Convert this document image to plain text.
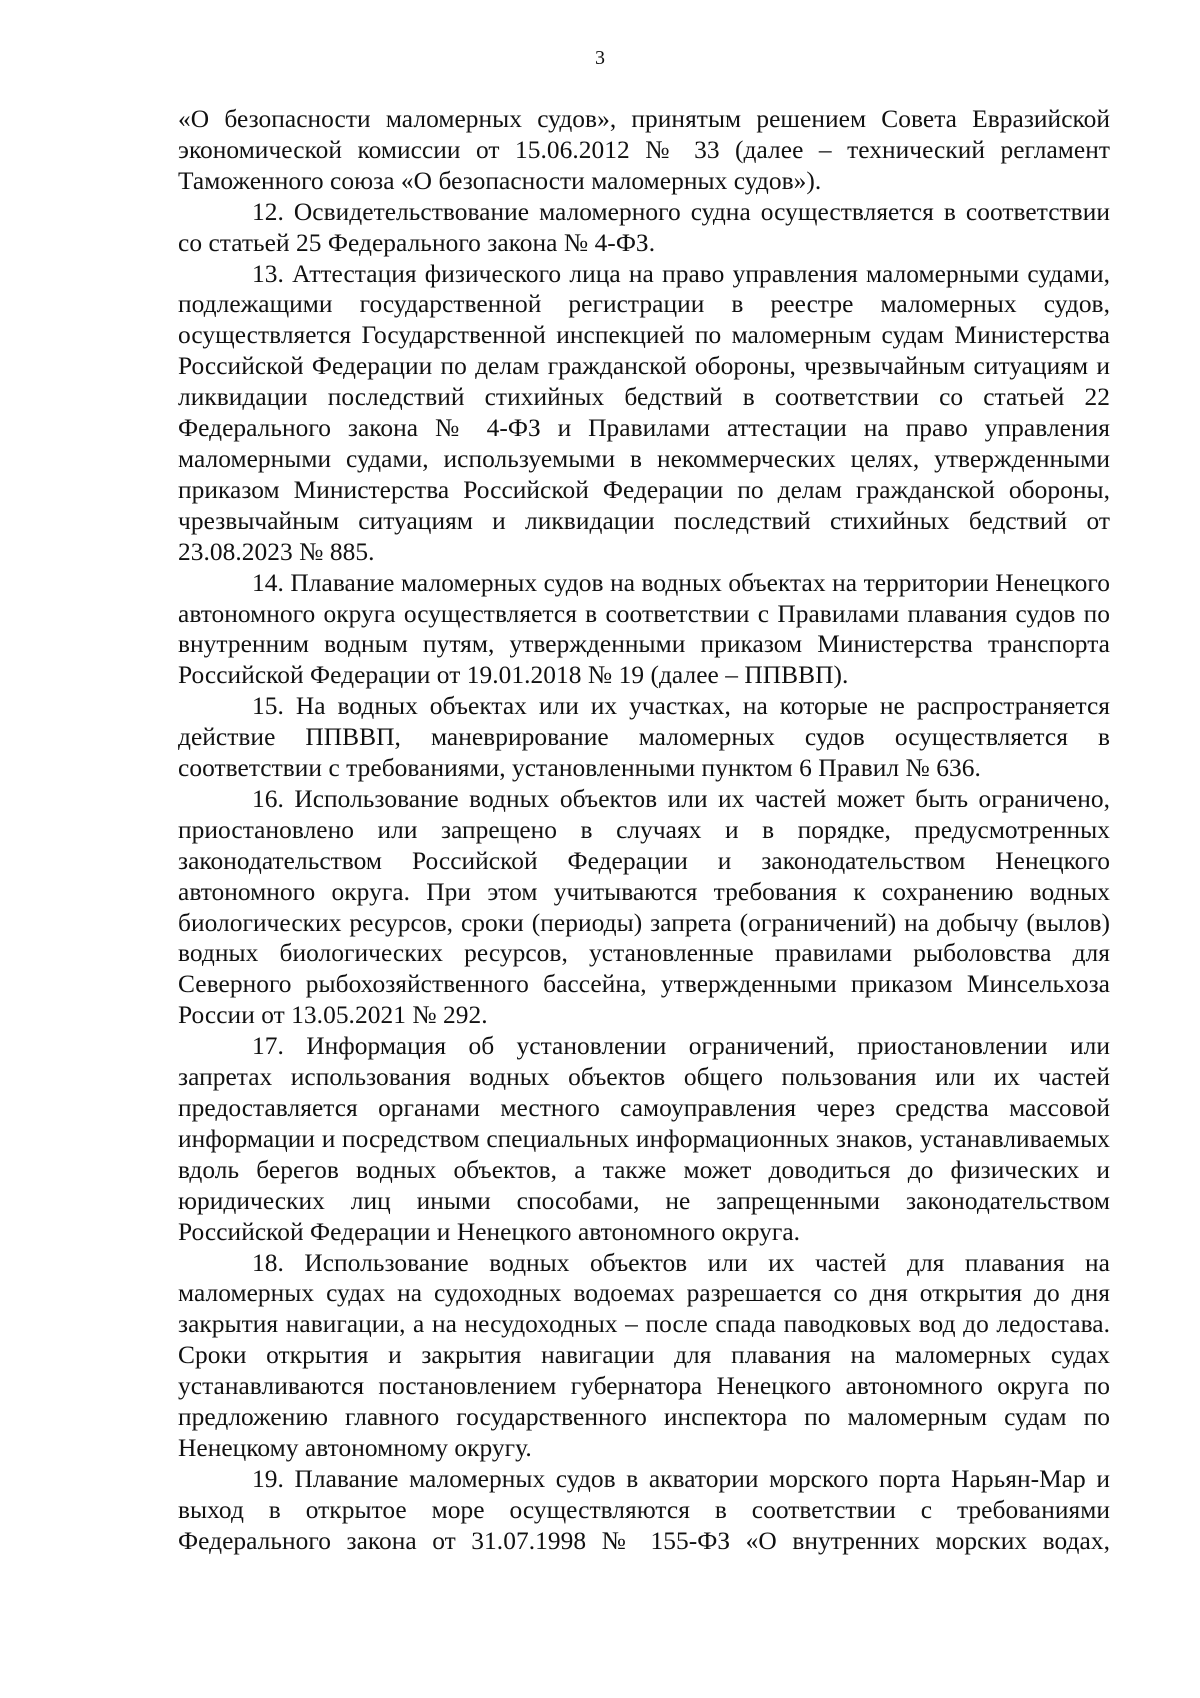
3

«О безопасности маломерных судов», принятым решением Совета Евразийской экономической комиссии от 15.06.2012 № 33 (далее – технический регламент Таможенного союза «О безопасности маломерных судов»).

12. Освидетельствование маломерного судна осуществляется в соответствии со статьей 25 Федерального закона № 4-ФЗ.

13. Аттестация физического лица на право управления маломерными судами, подлежащими государственной регистрации в реестре маломерных судов, осуществляется Государственной инспекцией по маломерным судам Министерства Российской Федерации по делам гражданской обороны, чрезвычайным ситуациям и ликвидации последствий стихийных бедствий в соответствии со статьей 22 Федерального закона № 4-ФЗ и Правилами аттестации на право управления маломерными судами, используемыми в некоммерческих целях, утвержденными приказом Министерства Российской Федерации по делам гражданской обороны, чрезвычайным ситуациям и ликвидации последствий стихийных бедствий от 23.08.2023 № 885.

14. Плавание маломерных судов на водных объектах на территории Ненецкого автономного округа осуществляется в соответствии с Правилами плавания судов по внутренним водным путям, утвержденными приказом Министерства транспорта Российской Федерации от 19.01.2018 № 19 (далее – ППВВП).

15. На водных объектах или их участках, на которые не распространяется действие ППВВП, маневрирование маломерных судов осуществляется в соответствии с требованиями, установленными пунктом 6 Правил № 636.

16. Использование водных объектов или их частей может быть ограничено, приостановлено или запрещено в случаях и в порядке, предусмотренных законодательством Российской Федерации и законодательством Ненецкого автономного округа. При этом учитываются требования к сохранению водных биологических ресурсов, сроки (периоды) запрета (ограничений) на добычу (вылов) водных биологических ресурсов, установленные правилами рыболовства для Северного рыбохозяйственного бассейна, утвержденными приказом Минсельхоза России от 13.05.2021 № 292.

17. Информация об установлении ограничений, приостановлении или запретах использования водных объектов общего пользования или их частей предоставляется органами местного самоуправления через средства массовой информации и посредством специальных информационных знаков, устанавливаемых вдоль берегов водных объектов, а также может доводиться до физических и юридических лиц иными способами, не запрещенными законодательством Российской Федерации и Ненецкого автономного округа.

18. Использование водных объектов или их частей для плавания на маломерных судах на судоходных водоемах разрешается со дня открытия до дня закрытия навигации, а на несудоходных – после спада паводковых вод до ледостава. Сроки открытия и закрытия навигации для плавания на маломерных судах устанавливаются постановлением губернатора Ненецкого автономного округа по предложению главного государственного инспектора по маломерным судам по Ненецкому автономному округу.

19. Плавание маломерных судов в акватории морского порта Нарьян-Мар и выход в открытое море осуществляются в соответствии с требованиями Федерального закона от 31.07.1998 № 155-ФЗ «О внутренних морских водах,
